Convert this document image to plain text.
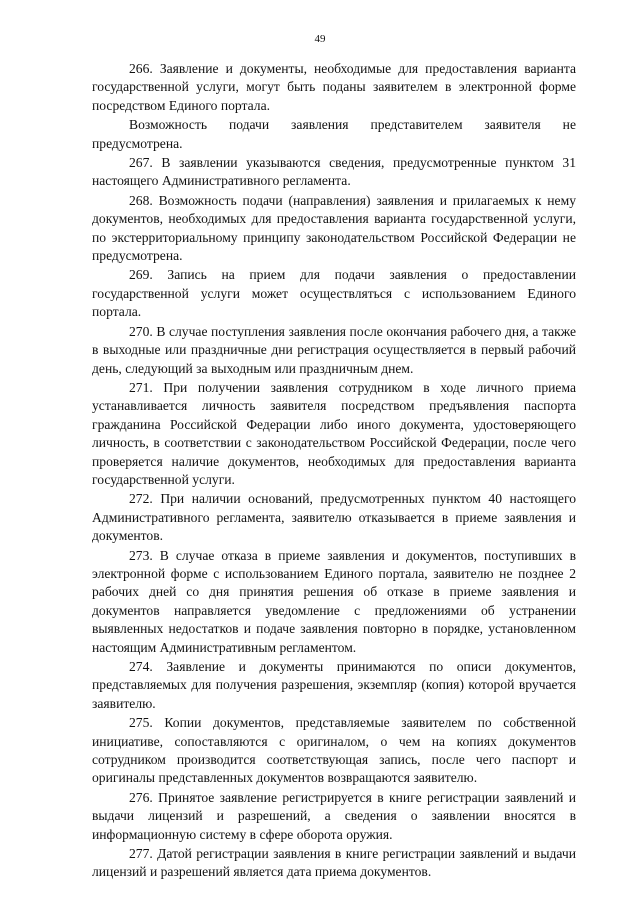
49

266. Заявление и документы, необходимые для предоставления варианта государственной услуги, могут быть поданы заявителем в электронной форме посредством Единого портала.

Возможность подачи заявления представителем заявителя не предусмотрена.

267. В заявлении указываются сведения, предусмотренные пунктом 31 настоящего Административного регламента.

268. Возможность подачи (направления) заявления и прилагаемых к нему документов, необходимых для предоставления варианта государственной услуги, по экстерриториальному принципу законодательством Российской Федерации не предусмотрена.

269. Запись на прием для подачи заявления о предоставлении государственной услуги может осуществляться с использованием Единого портала.

270. В случае поступления заявления после окончания рабочего дня, а также в выходные или праздничные дни регистрация осуществляется в первый рабочий день, следующий за выходным или праздничным днем.

271. При получении заявления сотрудником в ходе личного приема устанавливается личность заявителя посредством предъявления паспорта гражданина Российской Федерации либо иного документа, удостоверяющего личность, в соответствии с законодательством Российской Федерации, после чего проверяется наличие документов, необходимых для предоставления варианта государственной услуги.

272. При наличии оснований, предусмотренных пунктом 40 настоящего Административного регламента, заявителю отказывается в приеме заявления и документов.

273. В случае отказа в приеме заявления и документов, поступивших в электронной форме с использованием Единого портала, заявителю не позднее 2 рабочих дней со дня принятия решения об отказе в приеме заявления и документов направляется уведомление с предложениями об устранении выявленных недостатков и подаче заявления повторно в порядке, установленном настоящим Административным регламентом.

274. Заявление и документы принимаются по описи документов, представляемых для получения разрешения, экземпляр (копия) которой вручается заявителю.

275. Копии документов, представляемые заявителем по собственной инициативе, сопоставляются с оригиналом, о чем на копиях документов сотрудником производится соответствующая запись, после чего паспорт и оригиналы представленных документов возвращаются заявителю.

276. Принятое заявление регистрируется в книге регистрации заявлений и выдачи лицензий и разрешений, а сведения о заявлении вносятся в информационную систему в сфере оборота оружия.

277. Датой регистрации заявления в книге регистрации заявлений и выдачи лицензий и разрешений является дата приема документов.
